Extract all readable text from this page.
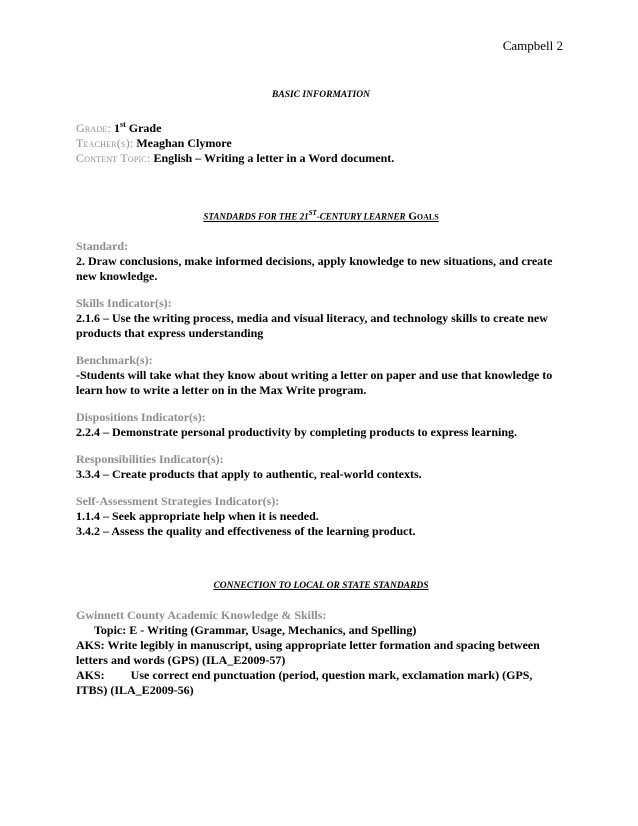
Campbell 2
BASIC INFORMATION
Grade: 1st Grade
Teacher(s): Meaghan Clymore
Content Topic: English – Writing a letter in a Word document.
STANDARDS FOR THE 21ST-CENTURY LEARNER Goals
Standard:
2. Draw conclusions, make informed decisions, apply knowledge to new situations, and create new knowledge.
Skills Indicator(s):
2.1.6 – Use the writing process, media and visual literacy, and technology skills to create new products that express understanding
Benchmark(s):
-Students will take what they know about writing a letter on paper and use that knowledge to learn how to write a letter on in the Max Write program.
Dispositions Indicator(s):
2.2.4 – Demonstrate personal productivity by completing products to express learning.
Responsibilities Indicator(s):
3.3.4 – Create products that apply to authentic, real-world contexts.
Self-Assessment Strategies Indicator(s):
1.1.4 – Seek appropriate help when it is needed.
3.4.2 – Assess the quality and effectiveness of the learning product.
CONNECTION TO LOCAL OR STATE STANDARDS
Gwinnett County Academic Knowledge & Skills:
Topic: E - Writing (Grammar, Usage, Mechanics, and Spelling)
AKS: Write legibly in manuscript, using appropriate letter formation and spacing between letters and words (GPS) (ILA_E2009-57)
AKS: Use correct end punctuation (period, question mark, exclamation mark) (GPS, ITBS) (ILA_E2009-56)
